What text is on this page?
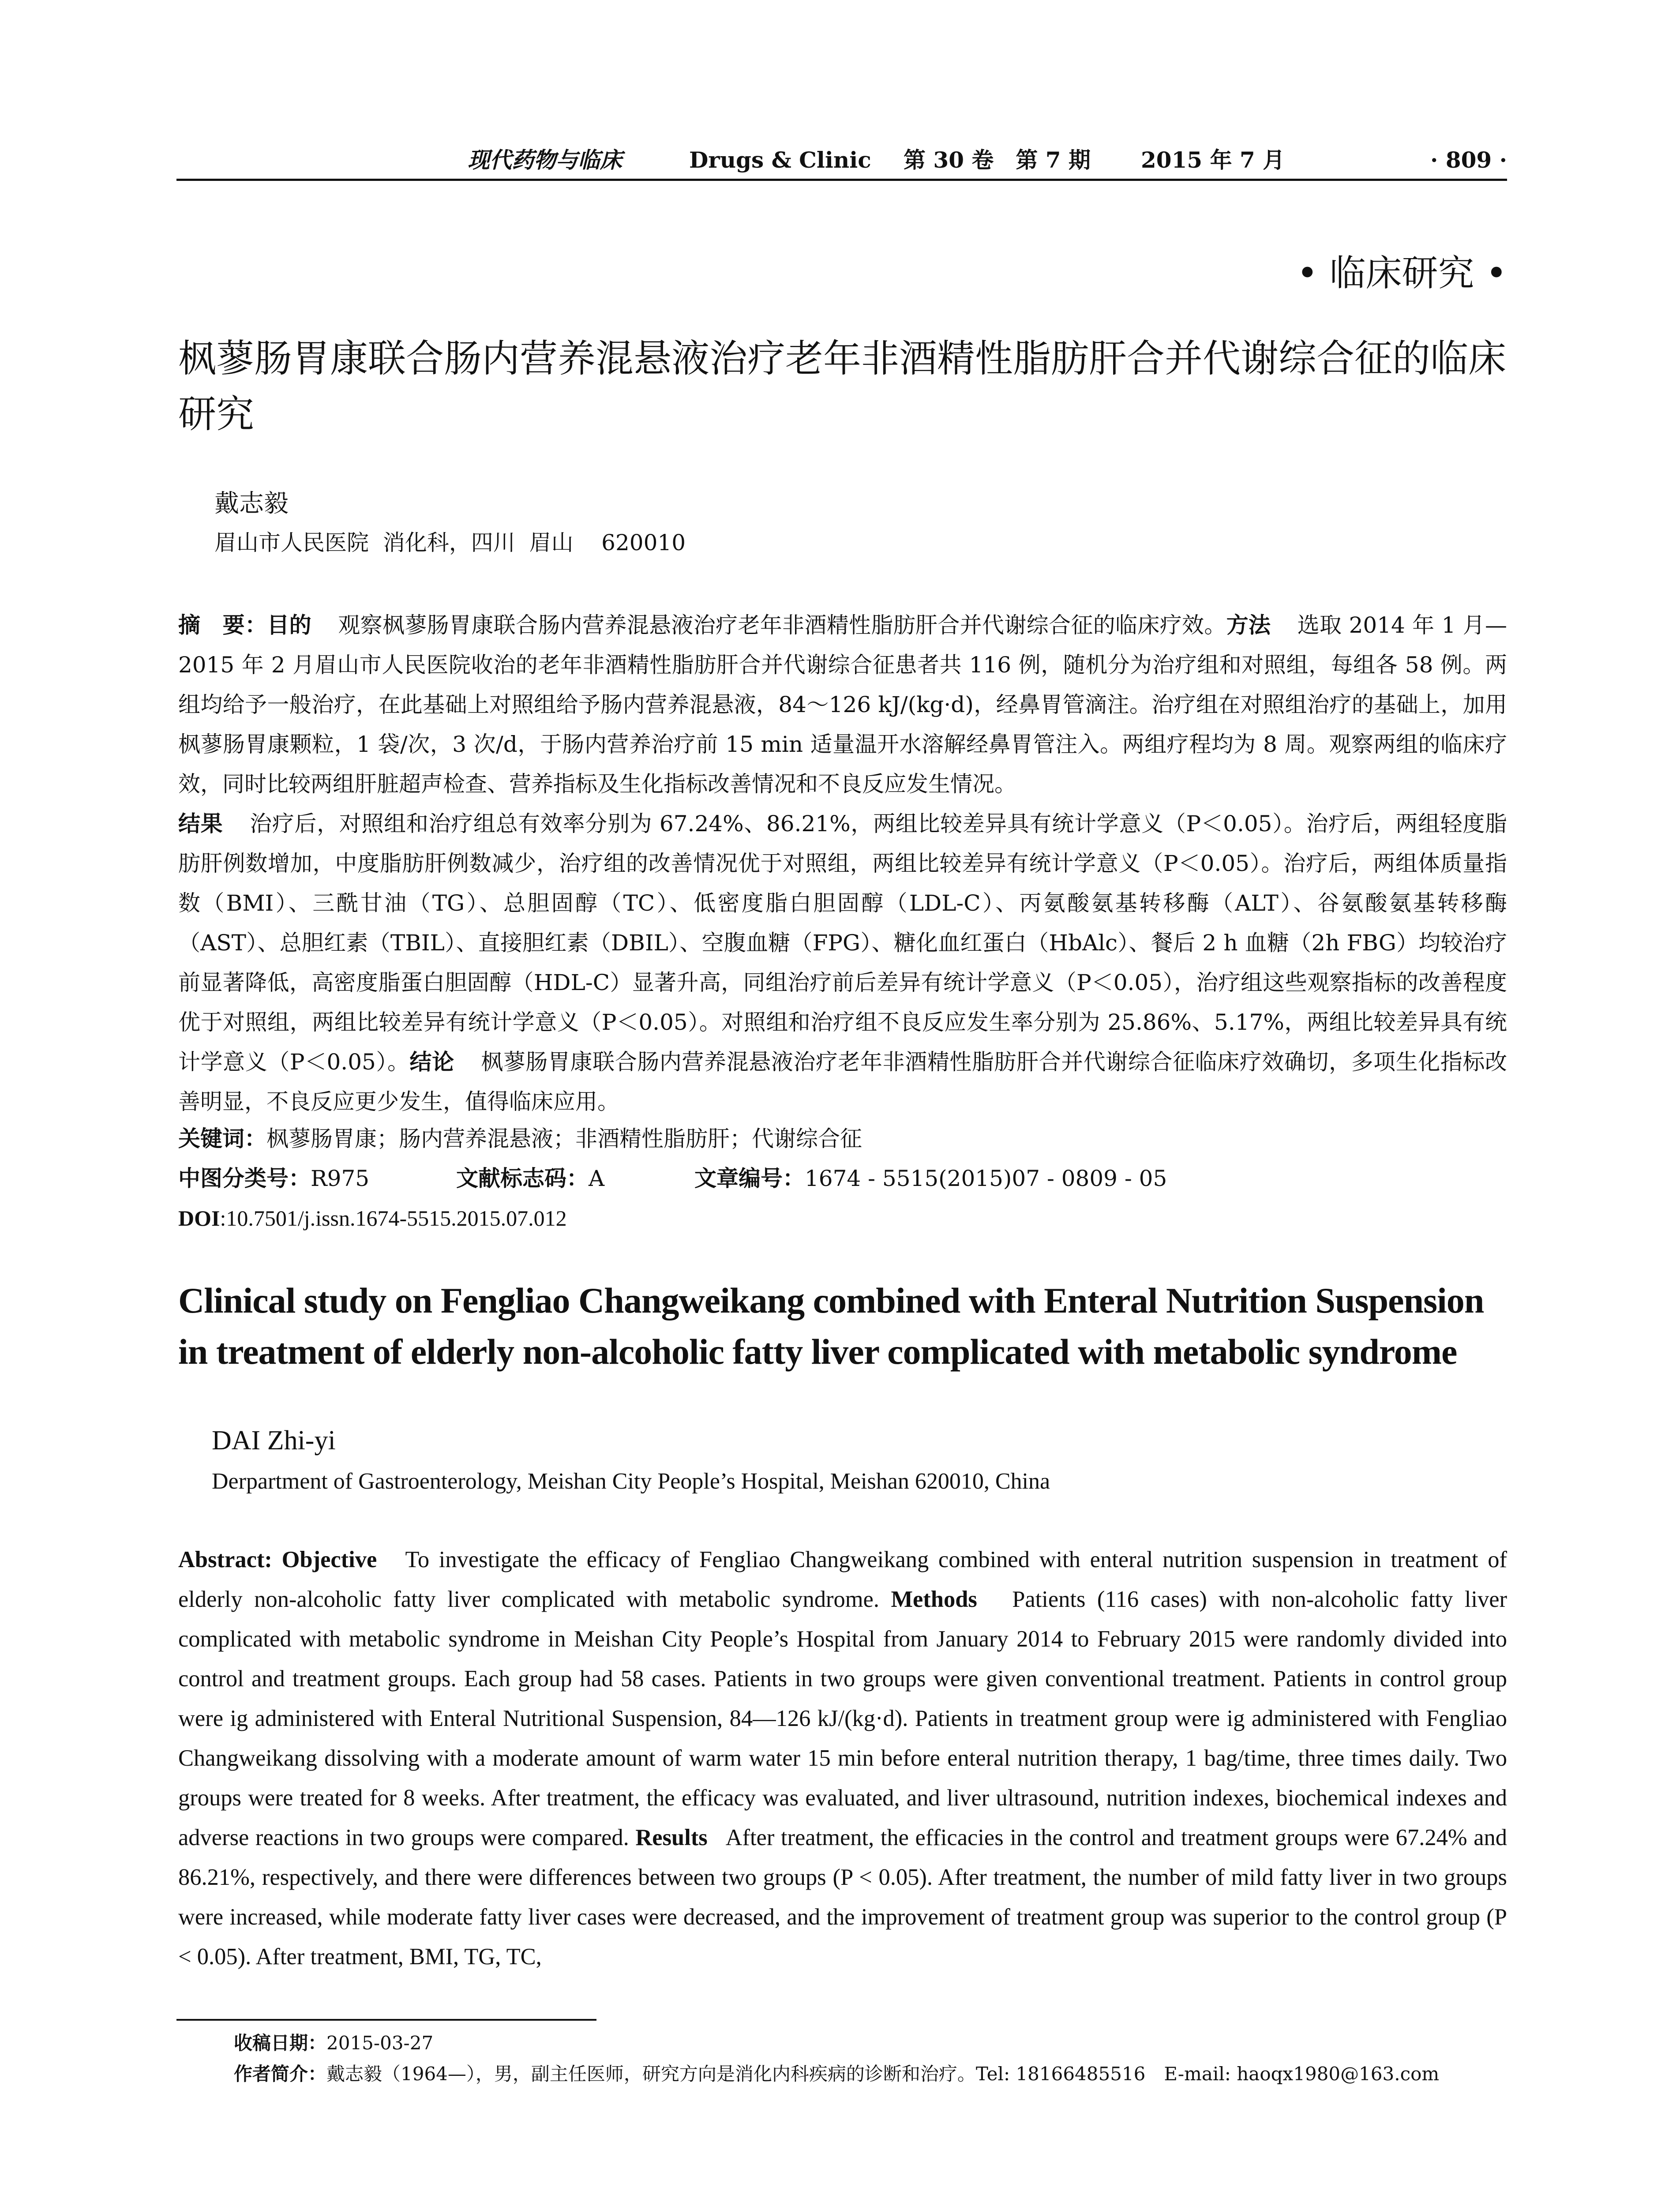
现代药物与临床	Drugs & Clinic 第 30 卷　第 7 期 2015 年 7 月	· 809 ·
• 临床研究 •
枫蓼肠胃康联合肠内营养混悬液治疗老年非酒精性脂肪肝合并代谢综合征的临床研究
戴志毅
眉山市人民医院  消化科，四川  眉山    620010
摘　要：目的 观察枫蓼肠胃康联合肠内营养混悬液治疗老年非酒精性脂肪肝合并代谢综合征的临床疗效。方法 选取 2014 年 1 月—2015 年 2 月眉山市人民医院收治的老年非酒精性脂肪肝合并代谢综合征患者共 116 例，随机分为治疗组和对照组，每组各 58 例。两组均给予一般治疗，在此基础上对照组给予肠内营养混悬液，84～126 kJ/(kg·d)，经鼻胃管滴注。治疗组在对照组治疗的基础上，加用枫蓼肠胃康颗粒，1 袋/次，3 次/d，于肠内营养治疗前 15 min 适量温开水溶解经鼻胃管注入。两组疗程均为 8 周。观察两组的临床疗效，同时比较两组肝脏超声检查、营养指标及生化指标改善情况和不良反应发生情况。
结果 治疗后，对照组和治疗组总有效率分别为 67.24%、86.21%，两组比较差异具有统计学意义（P＜0.05）。治疗后，两组轻度脂肪肝例数增加，中度脂肪肝例数减少，治疗组的改善情况优于对照组，两组比较差异有统计学意义（P＜0.05）。治疗后，两组体质量指数（BMI）、三酰甘油（TG）、总胆固醇（TC）、低密度脂白胆固醇（LDL-C）、丙氨酸氨基转移酶（ALT）、谷氨酸氨基转移酶（AST）、总胆红素（TBIL）、直接胆红素（DBIL）、空腹血糖（FPG）、糖化血红蛋白（HbAlc）、餐后 2 h 血糖（2h FBG）均较治疗前显著降低，高密度脂蛋白胆固醇（HDL-C）显著升高，同组治疗前后差异有统计学意义（P＜0.05），治疗组这些观察指标的改善程度优于对照组，两组比较差异有统计学意义（P＜0.05）。对照组和治疗组不良反应发生率分别为 25.86%、5.17%，两组比较差异具有统计学意义（P＜0.05）。结论 枫蓼肠胃康联合肠内营养混悬液治疗老年非酒精性脂肪肝合并代谢综合征临床疗效确切，多项生化指标改善明显，不良反应更少发生，值得临床应用。
关键词：枫蓼肠胃康；肠内营养混悬液；非酒精性脂肪肝；代谢综合征
中图分类号：R975	文献标志码：A	文章编号：1674 - 5515(2015)07 - 0809 - 05
DOI:10.7501/j.issn.1674-5515.2015.07.012
Clinical study on Fengliao Changweikang combined with Enteral Nutrition Suspension in treatment of elderly non-alcoholic fatty liver complicated with metabolic syndrome
DAI Zhi-yi
Derpartment of Gastroenterology, Meishan City People’s Hospital, Meishan 620010, China
Abstract: Objective To investigate the efficacy of Fengliao Changweikang combined with enteral nutrition suspension in treatment of elderly non-alcoholic fatty liver complicated with metabolic syndrome. Methods Patients (116 cases) with non-alcoholic fatty liver complicated with metabolic syndrome in Meishan City People’s Hospital from January 2014 to February 2015 were randomly divided into control and treatment groups. Each group had 58 cases. Patients in two groups were given conventional treatment. Patients in control group were ig administered with Enteral Nutritional Suspension, 84—126 kJ/(kg·d). Patients in treatment group were ig administered with Fengliao Changweikang dissolving with a moderate amount of warm water 15 min before enteral nutrition therapy, 1 bag/time, three times daily. Two groups were treated for 8 weeks. After treatment, the efficacy was evaluated, and liver ultrasound, nutrition indexes, biochemical indexes and adverse reactions in two groups were compared. Results After treatment, the efficacies in the control and treatment groups were 67.24% and 86.21%, respectively, and there were differences between two groups (P < 0.05). After treatment, the number of mild fatty liver in two groups were increased, while moderate fatty liver cases were decreased, and the improvement of treatment group was superior to the control group (P < 0.05). After treatment, BMI, TG, TC,
收稿日期：2015-03-27
作者简介：戴志毅（1964—），男，副主任医师，研究方向是消化内科疾病的诊断和治疗。Tel: 18166485516　E-mail: haoqx1980@163.com
